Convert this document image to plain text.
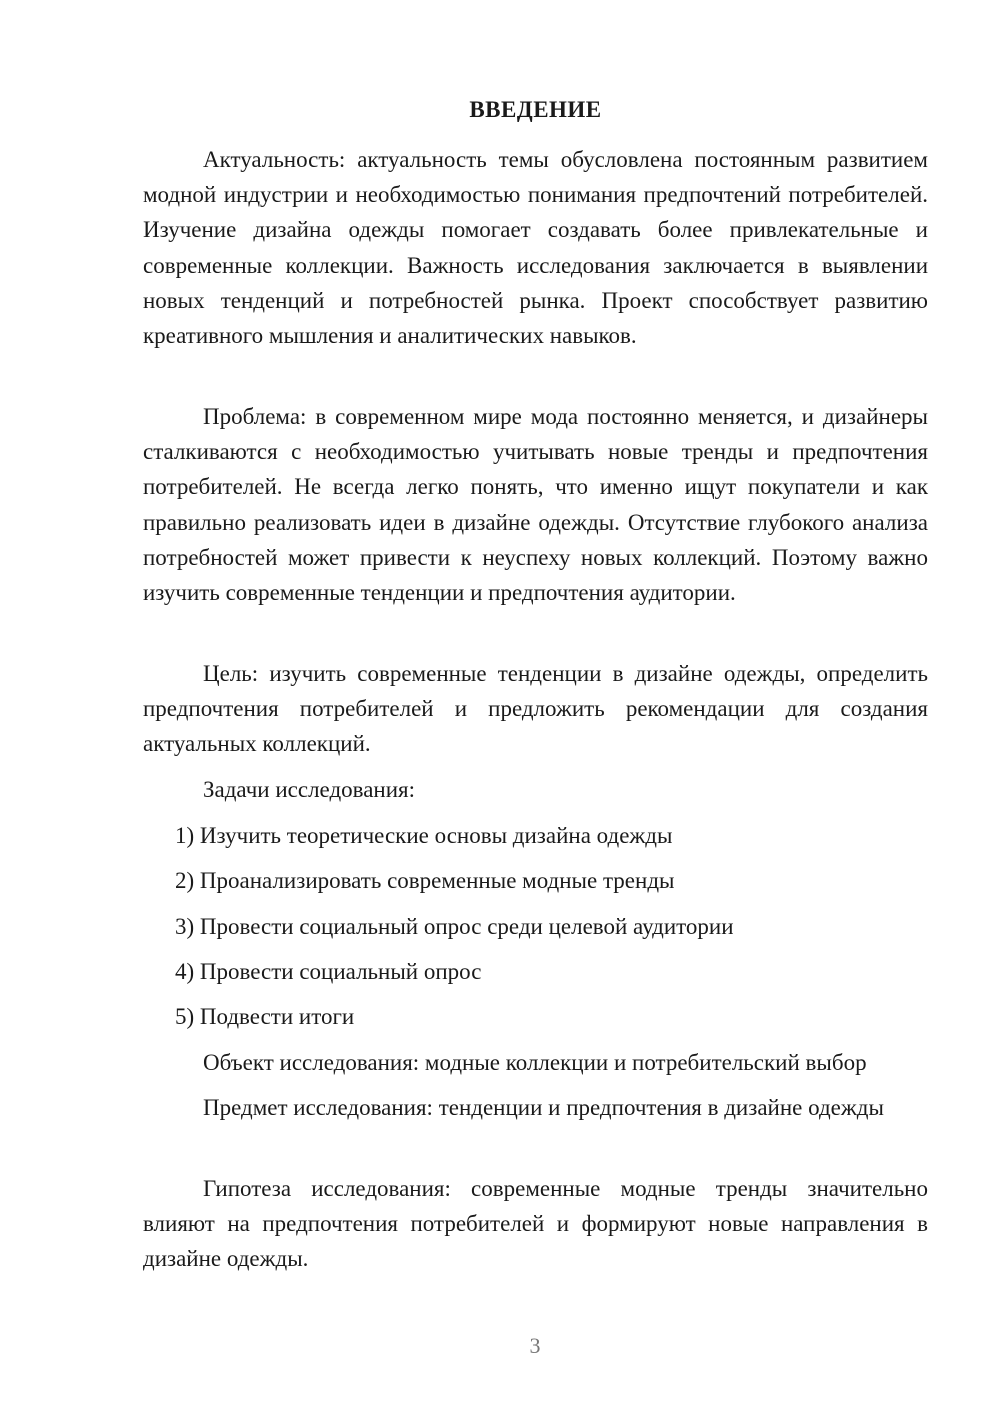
ВВЕДЕНИЕ

Актуальность: актуальность темы обусловлена постоянным развитием модной индустрии и необходимостью понимания предпочтений потребителей. Изучение дизайна одежды помогает создавать более привлекательные и современные коллекции. Важность исследования заключается в выявлении новых тенденций и потребностей рынка. Проект способствует развитию креативного мышления и аналитических навыков.

Проблема: в современном мире мода постоянно меняется, и дизайнеры сталкиваются с необходимостью учитывать новые тренды и предпочтения потребителей. Не всегда легко понять, что именно ищут покупатели и как правильно реализовать идеи в дизайне одежды. Отсутствие глубокого анализа потребностей может привести к неуспеху новых коллекций. Поэтому важно изучить современные тенденции и предпочтения аудитории.

Цель: изучить современные тенденции в дизайне одежды, определить предпочтения потребителей и предложить рекомендации для создания актуальных коллекций.

Задачи исследования:

1) Изучить теоретические основы дизайна одежды
2) Проанализировать современные модные тренды
3) Провести социальный опрос среди целевой аудитории
4) Провести социальный опрос
5) Подвести итоги

Объект исследования: модные коллекции и потребительский выбор

Предмет исследования: тенденции и предпочтения в дизайне одежды

Гипотеза исследования: современные модные тренды значительно влияют на предпочтения потребителей и формируют новые направления в дизайне одежды.

3
